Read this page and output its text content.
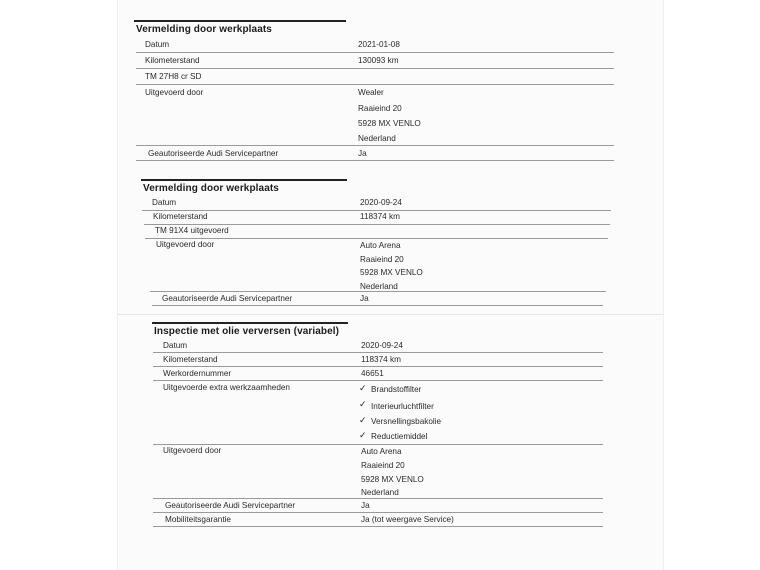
Vermelding door werkplaats
Datum	2021-01-08
Kilometerstand	130093 km
TM 27H8 cr SD
Uitgevoerd door	Wealer
Raaieind 20
5928 MX VENLO
Nederland
Geautoriseerde Audi Servicepartner	Ja
Vermelding door werkplaats
Datum	2020-09-24
Kilometerstand	118374 km
TM 91X4 uitgevoerd
Uitgevoerd door	Auto Arena
Raaieind 20
5928 MX VENLO
Nederland
Geautoriseerde Audi Servicepartner	Ja
Inspectie met olie verversen (variabel)
Datum	2020-09-24
Kilometerstand	118374 km
Werkordernummer	46651
Uitgevoerde extra werkzaamheden	✓ Brandstoffilter
✓ Interieurluchtfilter
✓ Versnellingsbakolie
✓ Reductiemiddel
Uitgevoerd door	Auto Arena
Raaieind 20
5928 MX VENLO
Nederland
Geautoriseerde Audi Servicepartner	Ja
Mobiliteitsgarantie	Ja (tot weergave Service)
